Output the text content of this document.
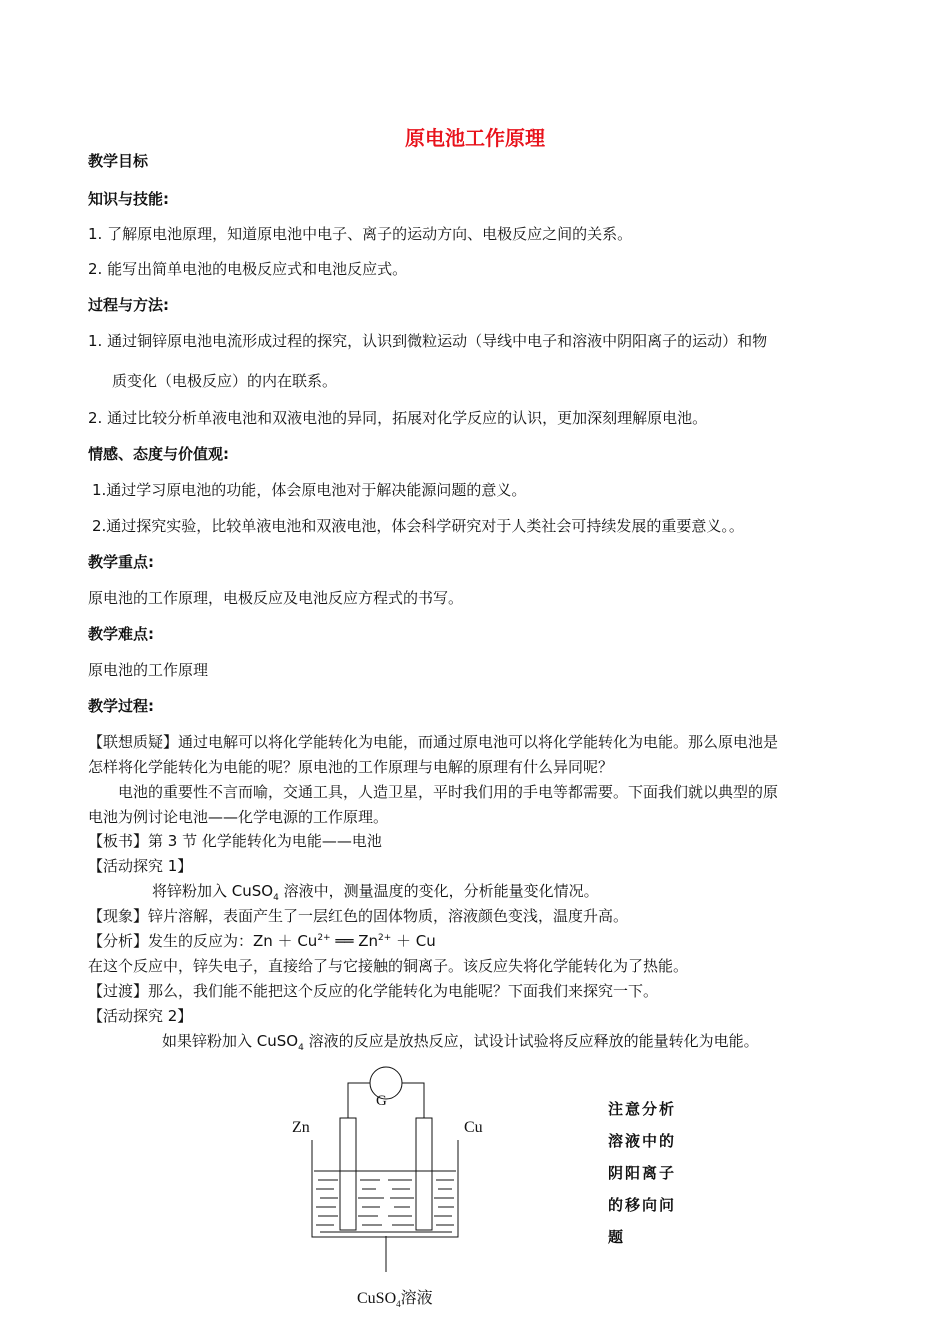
原电池工作原理
教学目标
知识与技能:
1. 了解原电池原理，知道原电池中电子、离子的运动方向、电极反应之间的关系。
2. 能写出简单电池的电极反应式和电池反应式。
过程与方法:
1. 通过铜锌原电池电流形成过程的探究，认识到微粒运动（导线中电子和溶液中阴阳离子的运动）和物
质变化（电极反应）的内在联系。
2. 通过比较分析单液电池和双液电池的异同，拓展对化学反应的认识，更加深刻理解原电池。
情感、态度与价值观:
1.通过学习原电池的功能，体会原电池对于解决能源问题的意义。
2.通过探究实验，比较单液电池和双液电池，体会科学研究对于人类社会可持续发展的重要意义。。
教学重点:
原电池的工作原理，电极反应及电池反应方程式的书写。
教学难点:
原电池的工作原理
教学过程:
【联想质疑】通过电解可以将化学能转化为电能，而通过原电池可以将化学能转化为电能。那么原电池是
怎样将化学能转化为电能的呢？原电池的工作原理与电解的原理有什么异同呢？
电池的重要性不言而喻，交通工具，人造卫星，平时我们用的手电等都需要。下面我们就以典型的原
电池为例讨论电池——化学电源的工作原理。
【板书】第 3 节 化学能转化为电能——电池
【活动探究 1】
将锌粉加入 CuSO$_4$ 溶液中，测量温度的变化，分析能量变化情况。
【现象】锌片溶解，表面产生了一层红色的固体物质，溶液颜色变浅，温度升高。
【分析】发生的反应为：$Zn + Cu^{2+}$ ══ $Zn^{2+} + Cu$
在这个反应中，锌失电子，直接给了与它接触的铜离子。该反应失将化学能转化为了热能。
【过渡】那么，我们能不能把这个反应的化学能转化为电能呢？下面我们来探究一下。
【活动探究 2】
如果锌粉加入 CuSO$_4$ 溶液的反应是放热反应，试设计试验将反应释放的能量转化为电能。
G
Zn	Cu
CuSO$_4$溶液
注意分析
溶液中的
阴阳离子
的移向问
题
